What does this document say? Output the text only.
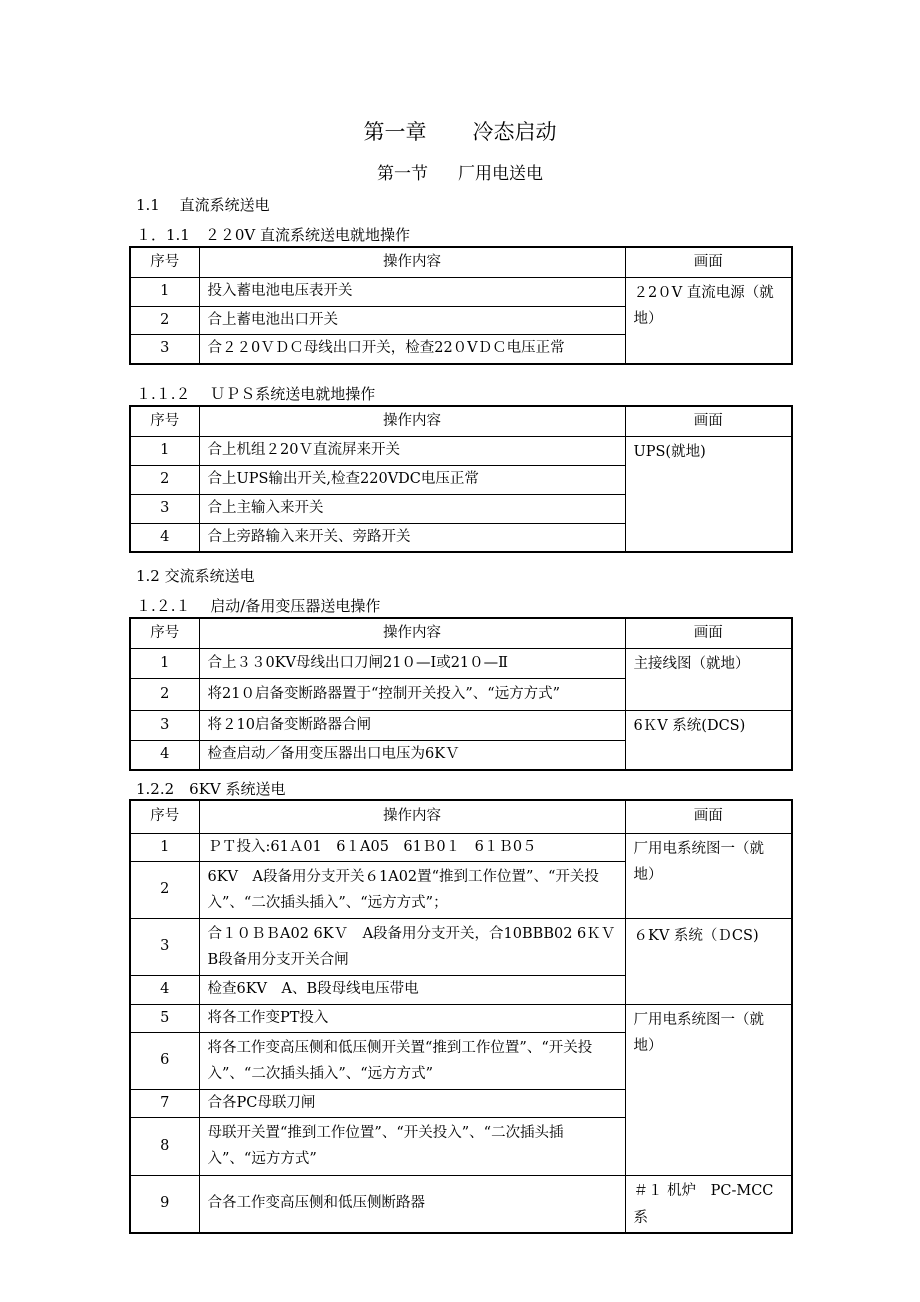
第一章 冷态启动
第一节 厂用电送电
1.1　 直流系统送电
１．1.1　２２0V 直流系统送电就地操作
序号	操作内容	画面
1	投入蓄电池电压表开关	２2０V 直流电源（就地）
2	合上蓄电池出口开关	
3	合２２0ＶＤＣ母线出口开关，检查22０VＤＣ电压正常	
１.１.２　 ＵＰＳ系统送电就地操作
序号	操作内容	画面
1	合上机组２20Ｖ直流屏来开关	UPS(就地)
2	合上UPS输出开关,检查220VDC电压正常	
3	合上主输入来开关	
4	合上旁路输入来开关、旁路开关	
1.2 交流系统送电
１.２.１　 启动/备用变压器送电操作
序号	操作内容	画面
1	合上３３0KV母线出口刀闸21０—Ⅰ或21０—Ⅱ	主接线图（就地）
2	将21０启备变断路器置于“控制开关投入”、“远方方式”	
3	将２10启备变断路器合闸	6ＫV 系统(DCS)
4	检查启动／备用变压器出口电压为6KＶ	
1.2.2　6KV 系统送电
序号	操作内容	画面
1	ＰＴ投入:61Ａ01　6１A05　61Ｂ0１　6１Ｂ0５	厂用电系统图一（就地）
2	6KV　A段备用分支开关６1A02置“推到工作位置”、“开关投入”、“二次插头插入”、“远方方式”；	
3	合１０ＢＢA02 6KＶ　A段备用分支开关，合10BBB02 6ＫＶ　B段备用分支开关合闸	６KV 系统（ＤCS)
4	检查6KV　A、B段母线电压带电	
5	将各工作变PT投入	厂用电系统图一（就地）
6	将各工作变高压侧和低压侧开关置“推到工作位置”、“开关投入”、“二次插头插入”、“远方方式”	
7	合各PC母联刀闸	
8	母联开关置“推到工作位置”、“开关投入”、“二次插头插入”、“远方方式”	
9	合各工作变高压侧和低压侧断路器	＃１ 机炉　PC-MCC　系
